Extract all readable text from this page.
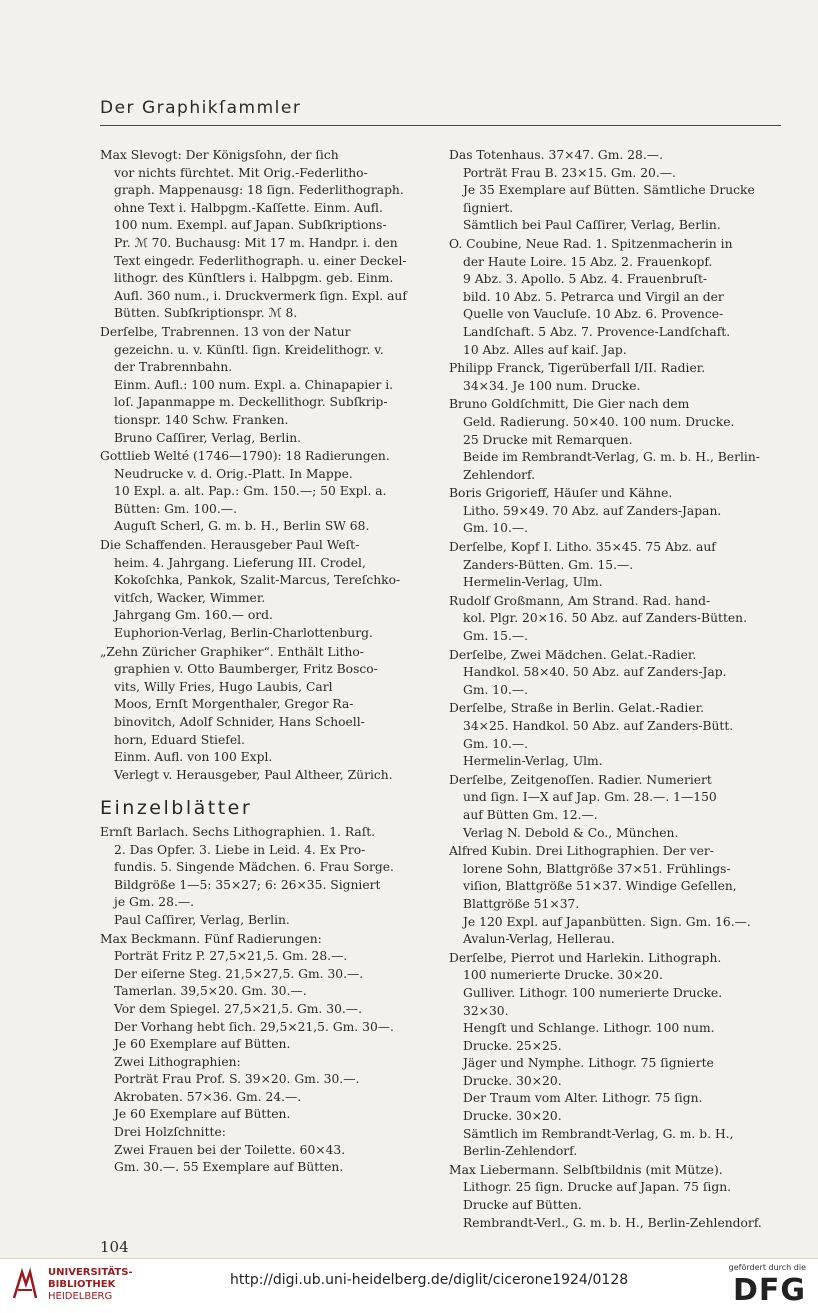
Der Graphikſammler
Max Slevogt: Der Königsſohn, der ſich
vor nichts fürchtet. Mit Orig.-Federlitho-
graph. Mappenausg: 18 ſign. Federlithograph.
ohne Text i. Halbpgm.-Kaſſette. Einm. Aufl.
100 num. Exempl. auf Japan. Subſkriptions-
Pr. ℳ 70. Buchausg: Mit 17 m. Handpr. i. den
Text eingedr. Federlithograph. u. einer Deckel-
lithogr. des Künſtlers i. Halbpgm. geb. Einm.
Aufl. 360 num., i. Druckvermerk ſign. Expl. auf
Bütten. Subſkriptionspr. ℳ 8.
Derſelbe, Trabrennen. 13 von der Natur
gezeichn. u. v. Künſtl. ſign. Kreidelithogr. v.
der Trabrennbahn.
Einm. Aufl.: 100 num. Expl. a. Chinapapier i.
loſ. Japanmappe m. Deckellithogr. Subſkrip-
tionspr. 140 Schw. Franken.
Bruno Caſſirer, Verlag, Berlin.
Gottlieb Welté (1746—1790): 18 Radierungen.
Neudrucke v. d. Orig.-Platt. In Mappe.
10 Expl. a. alt. Pap.: Gm. 150.—; 50 Expl. a.
Bütten: Gm. 100.—.
Auguſt Scherl, G. m. b. H., Berlin SW 68.
Die Schaffenden. Herausgeber Paul Weſt-
heim. 4. Jahrgang. Lieferung III. Crodel,
Kokoſchka, Pankok, Szalit-Marcus, Tereſchko-
vitſch, Wacker, Wimmer.
Jahrgang Gm. 160.— ord.
Euphorion-Verlag, Berlin-Charlottenburg.
„Zehn Züricher Graphiker“. Enthält Litho-
graphien v. Otto Baumberger, Fritz Bosco-
vits, Willy Fries, Hugo Laubis, Carl
Moos, Ernſt Morgenthaler, Gregor Ra-
binovitch, Adolf Schnider, Hans Schoell-
horn, Eduard Stiefel.
Einm. Aufl. von 100 Expl.
Verlegt v. Herausgeber, Paul Altheer, Zürich.
Einzelblätter
Ernſt Barlach. Sechs Lithographien. 1. Raſt.
2. Das Opfer. 3. Liebe in Leid. 4. Ex Pro-
fundis. 5. Singende Mädchen. 6. Frau Sorge.
Bildgröße 1—5: 35×27; 6: 26×35. Signiert
je Gm. 28.—.
Paul Caſſirer, Verlag, Berlin.
Max Beckmann. Fünf Radierungen:
Porträt Fritz P. 27,5×21,5. Gm. 28.—.
Der eiſerne Steg. 21,5×27,5. Gm. 30.—.
Tamerlan. 39,5×20. Gm. 30.—.
Vor dem Spiegel. 27,5×21,5. Gm. 30.—.
Der Vorhang hebt ſich. 29,5×21,5. Gm. 30—.
Je 60 Exemplare auf Bütten.
Zwei Lithographien:
Porträt Frau Prof. S. 39×20. Gm. 30.—.
Akrobaten. 57×36. Gm. 24.—.
Je 60 Exemplare auf Bütten.
Drei Holzſchnitte:
Zwei Frauen bei der Toilette. 60×43.
Gm. 30.—. 55 Exemplare auf Bütten.
Das Totenhaus. 37×47. Gm. 28.—.
Porträt Frau B. 23×15. Gm. 20.—.
Je 35 Exemplare auf Bütten. Sämtliche Drucke
ſigniert.
Sämtlich bei Paul Caſſirer, Verlag, Berlin.
O. Coubine, Neue Rad. 1. Spitzenmacherin in
der Haute Loire. 15 Abz. 2. Frauenkopf.
9 Abz. 3. Apollo. 5 Abz. 4. Frauenbruſt-
bild. 10 Abz. 5. Petrarca und Virgil an der
Quelle von Vaucluſe. 10 Abz. 6. Provence-
Landſchaft. 5 Abz. 7. Provence-Landſchaft.
10 Abz. Alles auf kaiſ. Jap.
Philipp Franck, Tigerüberfall I/II. Radier.
34×34. Je 100 num. Drucke.
Bruno Goldſchmitt, Die Gier nach dem
Geld. Radierung. 50×40. 100 num. Drucke.
25 Drucke mit Remarquen.
Beide im Rembrandt-Verlag, G. m. b. H., Berlin-
Zehlendorf.
Boris Grigorieff, Häuſer und Kähne.
Litho. 59×49. 70 Abz. auf Zanders-Japan.
Gm. 10.—.
Derſelbe, Kopf I. Litho. 35×45. 75 Abz. auf
Zanders-Bütten. Gm. 15.—.
Hermelin-Verlag, Ulm.
Rudolf Großmann, Am Strand. Rad. hand-
kol. Plgr. 20×16. 50 Abz. auf Zanders-Bütten.
Gm. 15.—.
Derſelbe, Zwei Mädchen. Gelat.-Radier.
Handkol. 58×40. 50 Abz. auf Zanders-Jap.
Gm. 10.—.
Derſelbe, Straße in Berlin. Gelat.-Radier.
34×25. Handkol. 50 Abz. auf Zanders-Bütt.
Gm. 10.—.
Hermelin-Verlag, Ulm.
Derſelbe, Zeitgenoſſen. Radier. Numeriert
und ſign. I—X auf Jap. Gm. 28.—. 1—150
auf Bütten Gm. 12.—.
Verlag N. Debold & Co., München.
Alfred Kubin. Drei Lithographien. Der ver-
lorene Sohn, Blattgröße 37×51. Frühlings-
viſion, Blattgröße 51×37. Windige Geſellen,
Blattgröße 51×37.
Je 120 Expl. auf Japanbütten. Sign. Gm. 16.—.
Avalun-Verlag, Hellerau.
Derſelbe, Pierrot und Harlekin. Lithograph.
100 numerierte Drucke. 30×20.
Gulliver. Lithogr. 100 numerierte Drucke.
32×30.
Hengſt und Schlange. Lithogr. 100 num.
Drucke. 25×25.
Jäger und Nymphe. Lithogr. 75 ſignierte
Drucke. 30×20.
Der Traum vom Alter. Lithogr. 75 ſign.
Drucke. 30×20.
Sämtlich im Rembrandt-Verlag, G. m. b. H.,
Berlin-Zehlendorf.
Max Liebermann. Selbſtbildnis (mit Mütze).
Lithogr. 25 ſign. Drucke auf Japan. 75 ſign.
Drucke auf Bütten.
Rembrandt-Verl., G. m. b. H., Berlin-Zehlendorf.
104
UNIVERSITÄTS-
BIBLIOTHEK
HEIDELBERG
http://digi.ub.uni-heidelberg.de/diglit/cicerone1924/0128
gefördert durch die
DFG
